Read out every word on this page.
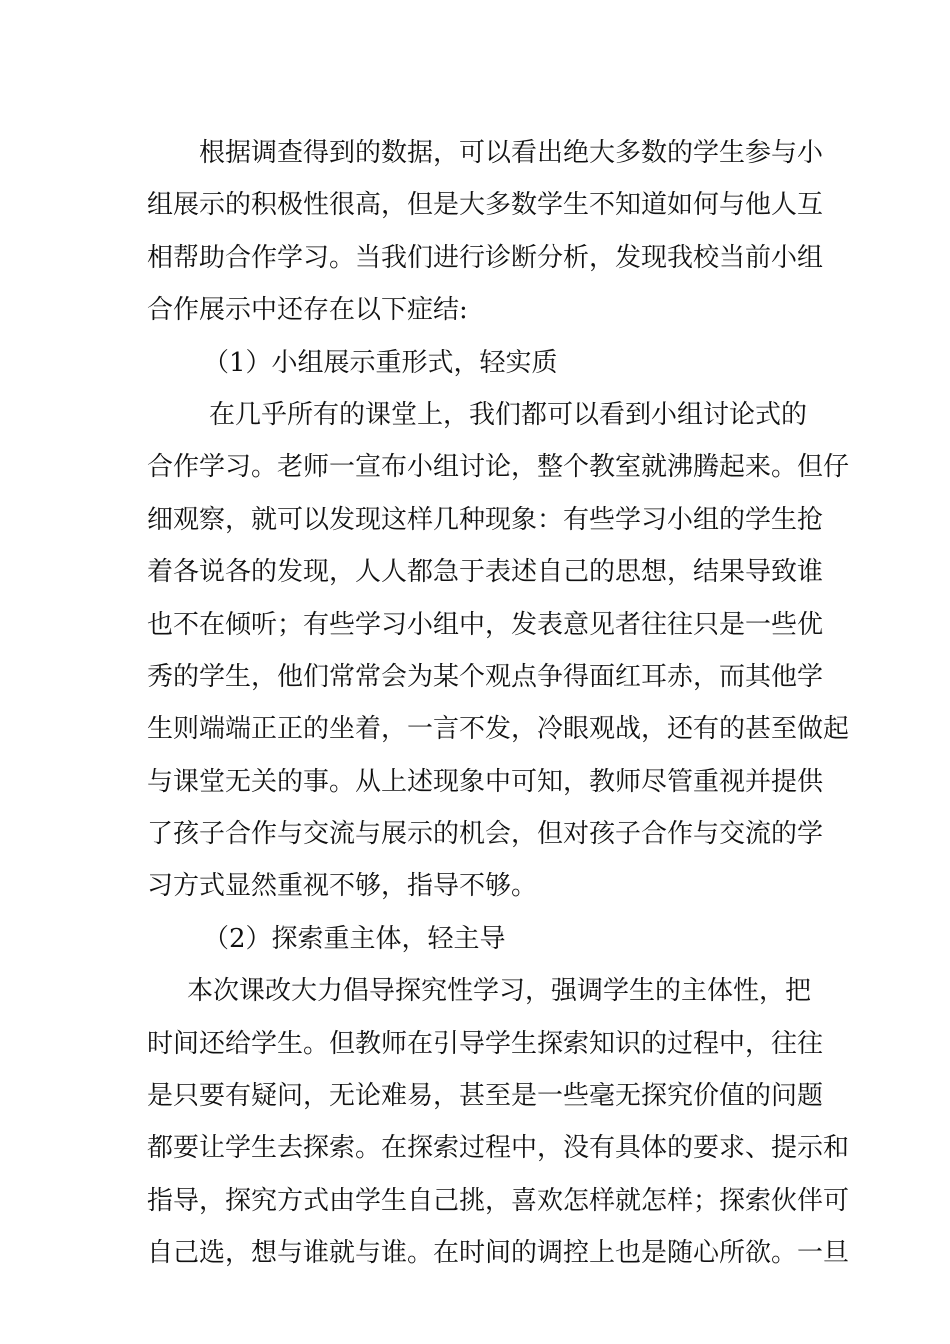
根据调查得到的数据，可以看出绝大多数的学生参与小
组展示的积极性很高，但是大多数学生不知道如何与他人互
相帮助合作学习。当我们进行诊断分析，发现我校当前小组
合作展示中还存在以下症结:
（1）小组展示重形式，轻实质
在几乎所有的课堂上，我们都可以看到小组讨论式的
合作学习。老师一宣布小组讨论，整个教室就沸腾起来。但仔
细观察，就可以发现这样几种现象：有些学习小组的学生抢
着各说各的发现，人人都急于表述自己的思想，结果导致谁
也不在倾听；有些学习小组中，发表意见者往往只是一些优
秀的学生，他们常常会为某个观点争得面红耳赤，而其他学
生则端端正正的坐着，一言不发，冷眼观战，还有的甚至做起
与课堂无关的事。从上述现象中可知，教师尽管重视并提供
了孩子合作与交流与展示的机会，但对孩子合作与交流的学
习方式显然重视不够，指导不够。
（2）探索重主体，轻主导
本次课改大力倡导探究性学习，强调学生的主体性，把
时间还给学生。但教师在引导学生探索知识的过程中，往往
是只要有疑问，无论难易，甚至是一些毫无探究价值的问题
都要让学生去探索。在探索过程中，没有具体的要求、提示和
指导，探究方式由学生自己挑，喜欢怎样就怎样；探索伙伴可
自己选，想与谁就与谁。在时间的调控上也是随心所欲。一旦
